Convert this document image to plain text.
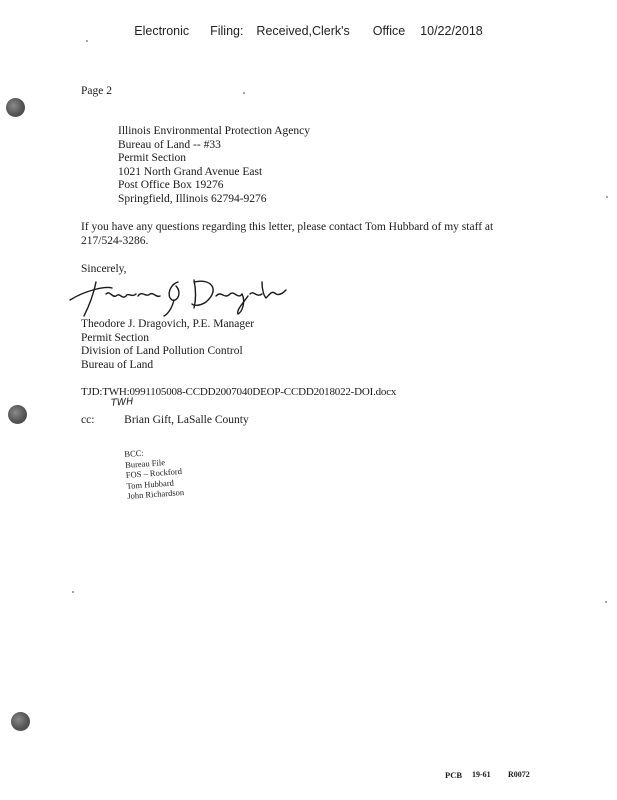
Electronic Filing: Received,Clerk's Office 10/22/2018
Page 2
Illinois Environmental Protection Agency
Bureau of Land -- #33
Permit Section
1021 North Grand Avenue East
Post Office Box 19276
Springfield, Illinois 62794-9276
If you have any questions regarding this letter, please contact Tom Hubbard of my staff at
217/524-3286.
Sincerely,
Theodore J. Dragovich, P.E. Manager
Permit Section
Division of Land Pollution Control
Bureau of Land
TJD:TWH:0991105008-CCDD2007040DEOP-CCDD2018022-DOI.docx
TWH
cc:	Brian Gift, LaSalle County
BCC:
Bureau File
FOS – Rockford
Tom Hubbard
John Richardson
PCB 19-61 R0072
